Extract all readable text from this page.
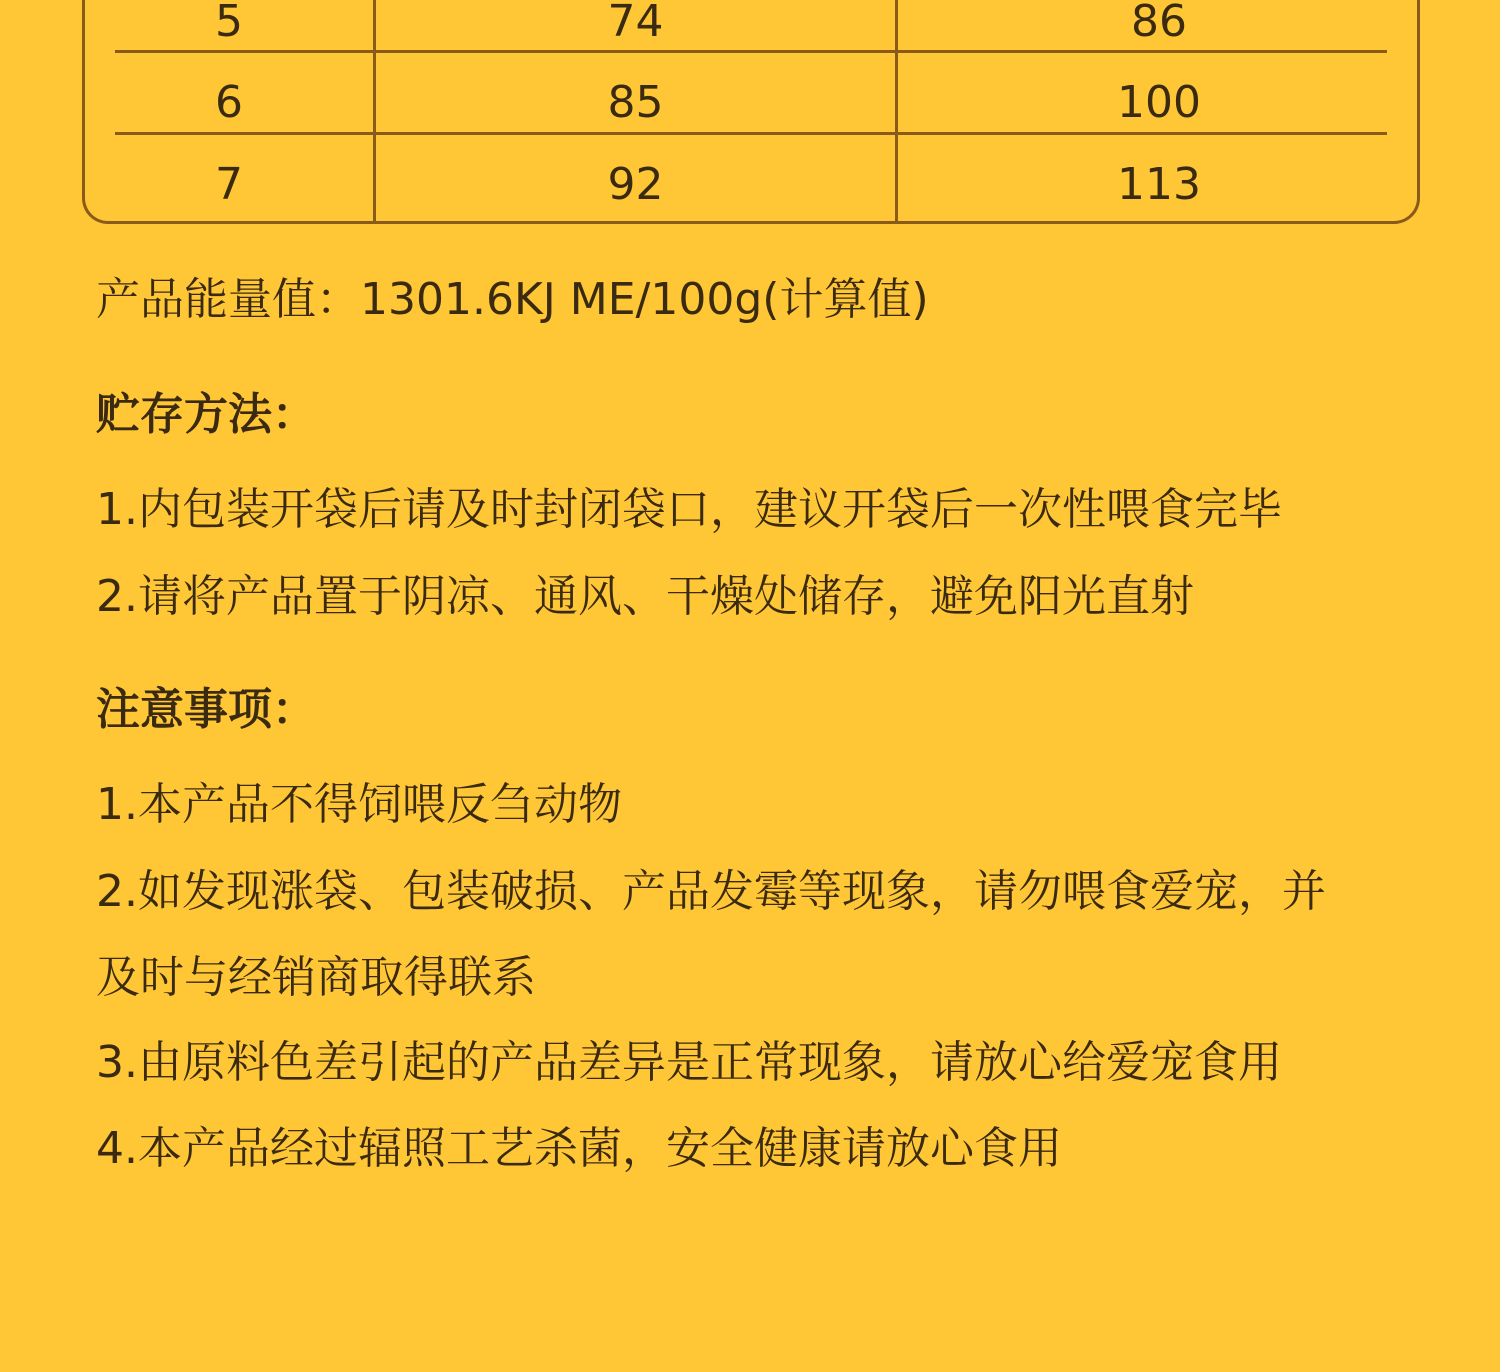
5	74	86
6	85	100
7	92	113
产品能量值：1301.6KJ ME/100g(计算值)
贮存方法：
1.内包装开袋后请及时封闭袋口，建议开袋后一次性喂食完毕
2.请将产品置于阴凉、通风、干燥处储存，避免阳光直射
注意事项：
1.本产品不得饲喂反刍动物
2.如发现涨袋、包装破损、产品发霉等现象，请勿喂食爱宠，并
及时与经销商取得联系
3.由原料色差引起的产品差异是正常现象，请放心给爱宠食用
4.本产品经过辐照工艺杀菌，安全健康请放心食用
